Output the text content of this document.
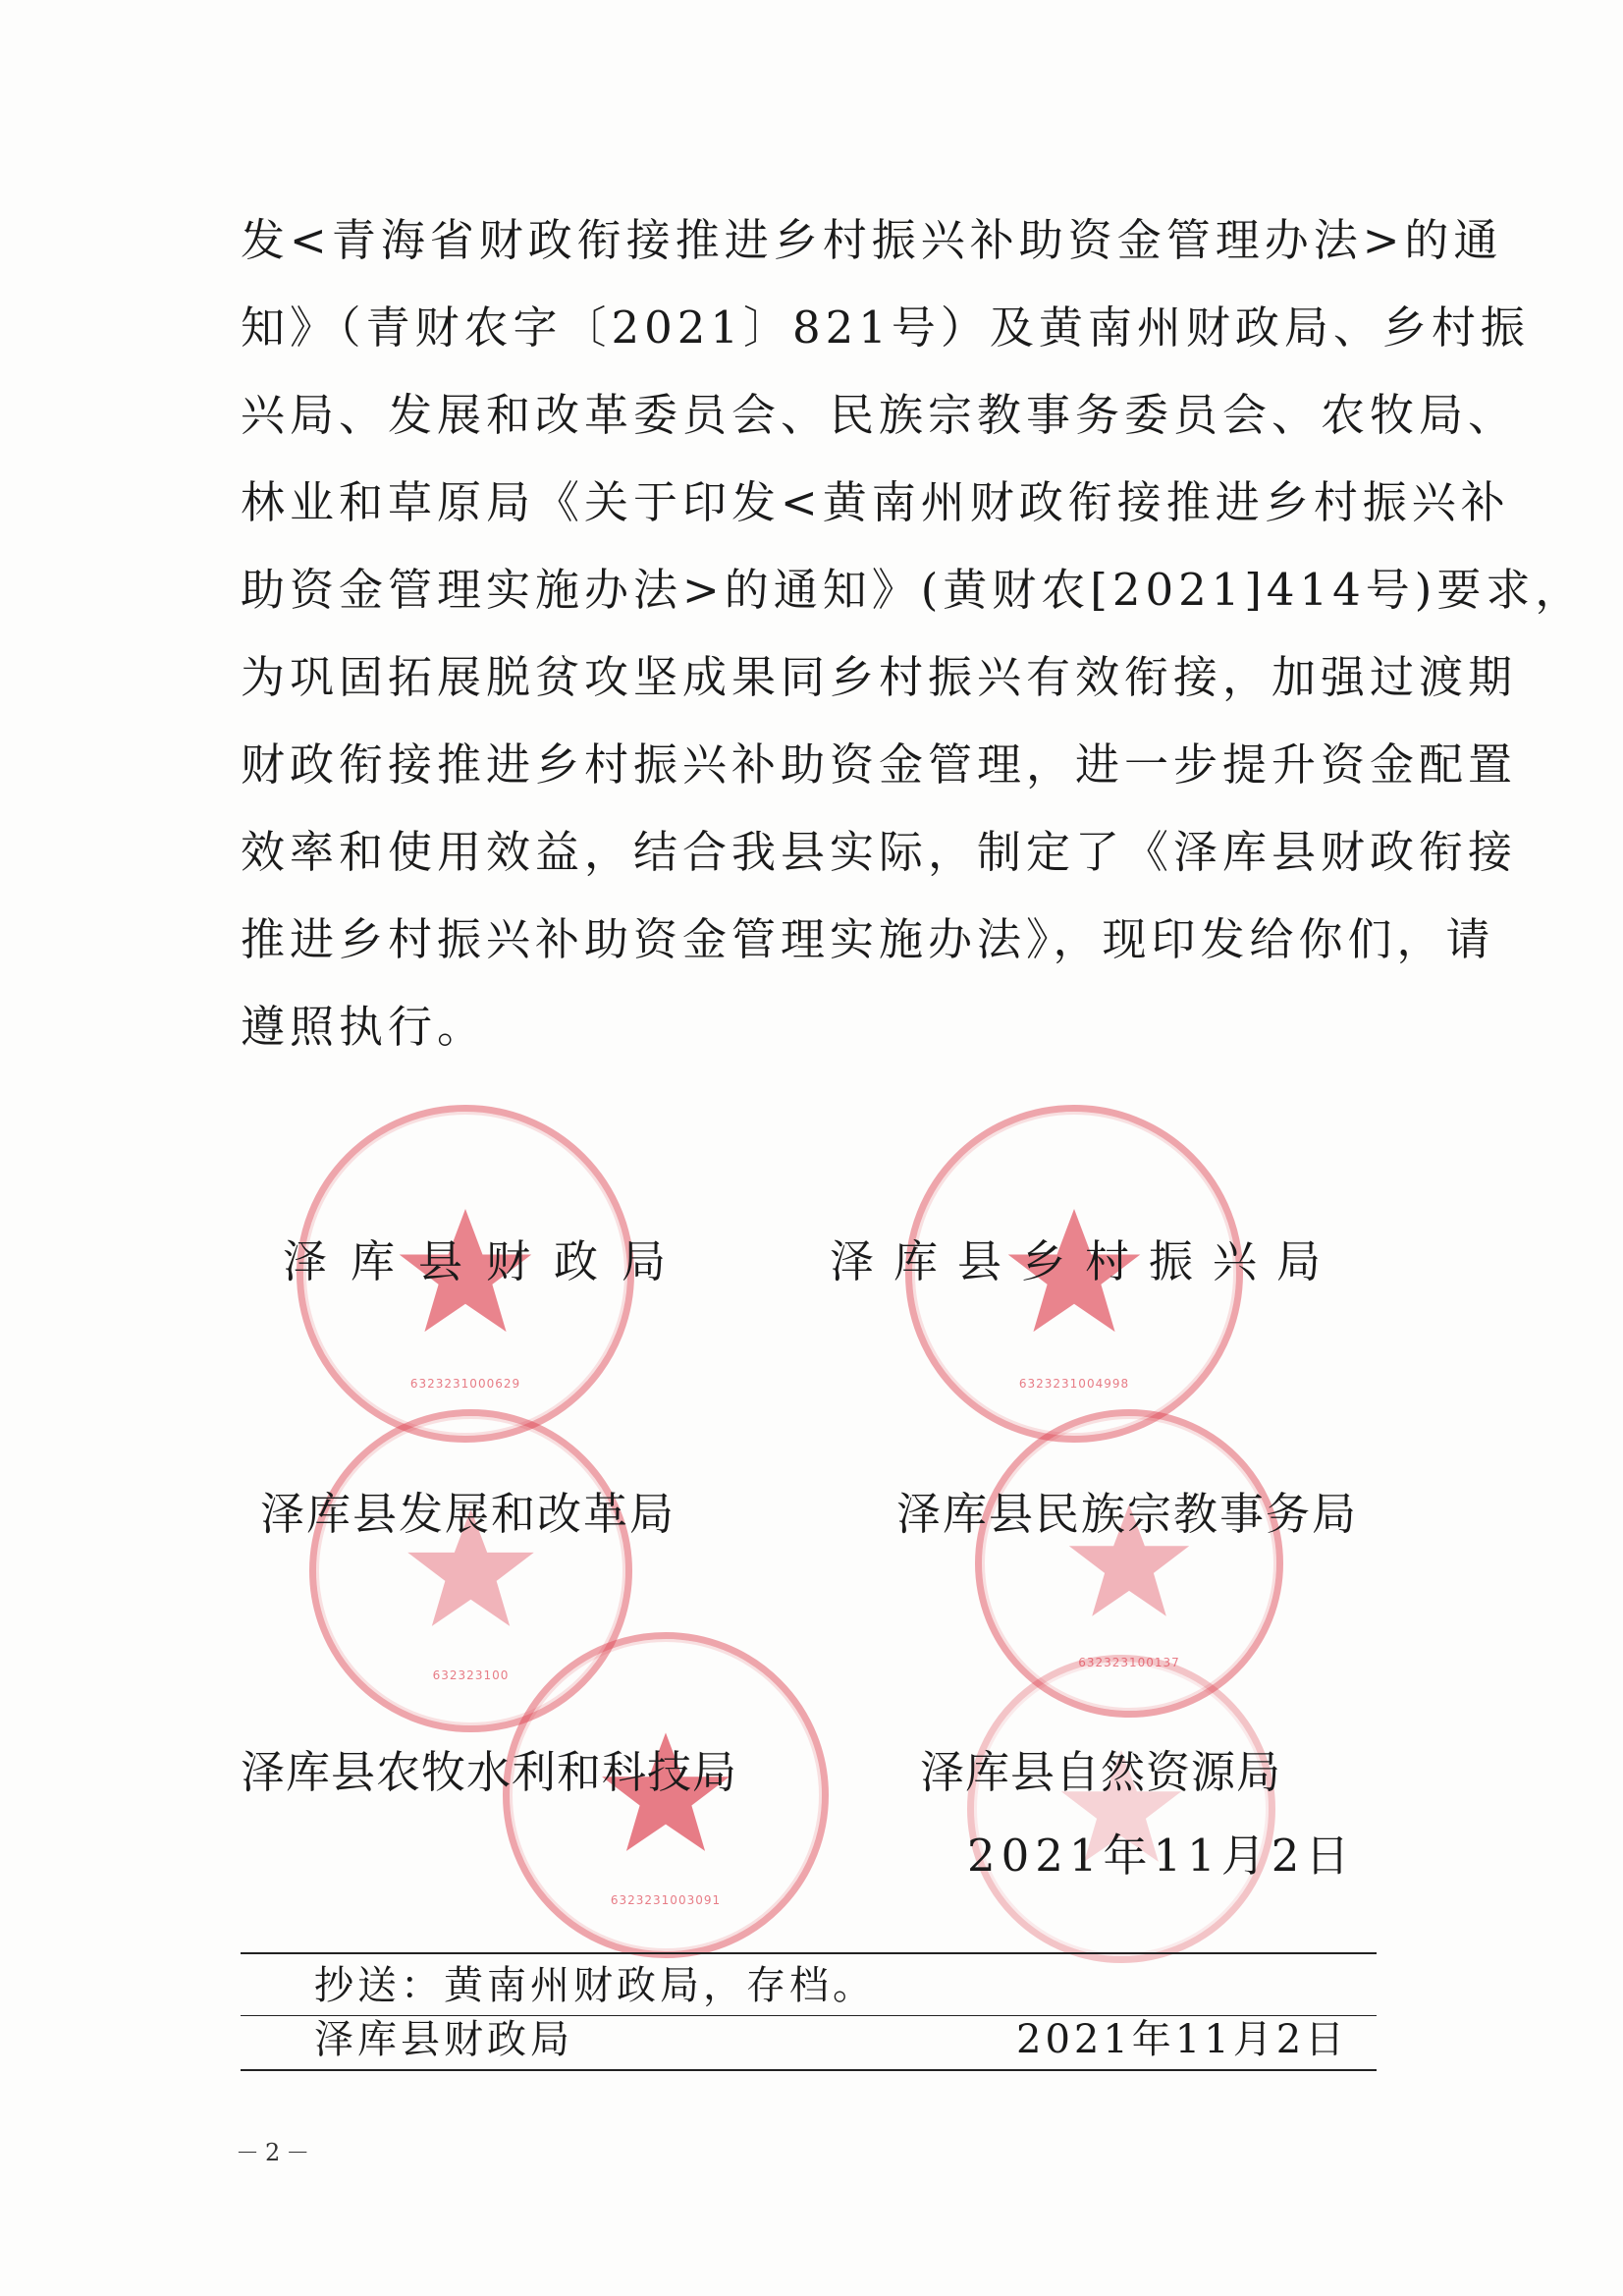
发<青海省财政衔接推进乡村振兴补助资金管理办法>的通
知》（青财农字〔2021〕821号）及黄南州财政局、乡村振
兴局、发展和改革委员会、民族宗教事务委员会、农牧局、
林业和草原局《关于印发<黄南州财政衔接推进乡村振兴补
助资金管理实施办法>的通知》(黄财农[2021]414号)要求，
为巩固拓展脱贫攻坚成果同乡村振兴有效衔接，加强过渡期
财政衔接推进乡村振兴补助资金管理，进一步提升资金配置
效率和使用效益，结合我县实际，制定了《泽库县财政衔接
推进乡村振兴补助资金管理实施办法》，现印发给你们，请
遵照执行。
6323231000629	6323231004998
632323100
632323100137
6323231003091
泽库县财政局	泽库县乡村振兴局
泽库县发展和改革局	泽库县民族宗教事务局
泽库县农牧水利和科技局	泽库县自然资源局
2021年11月2日
抄送：黄南州财政局，存档。
泽库县财政局	2021年11月2日
－2－
